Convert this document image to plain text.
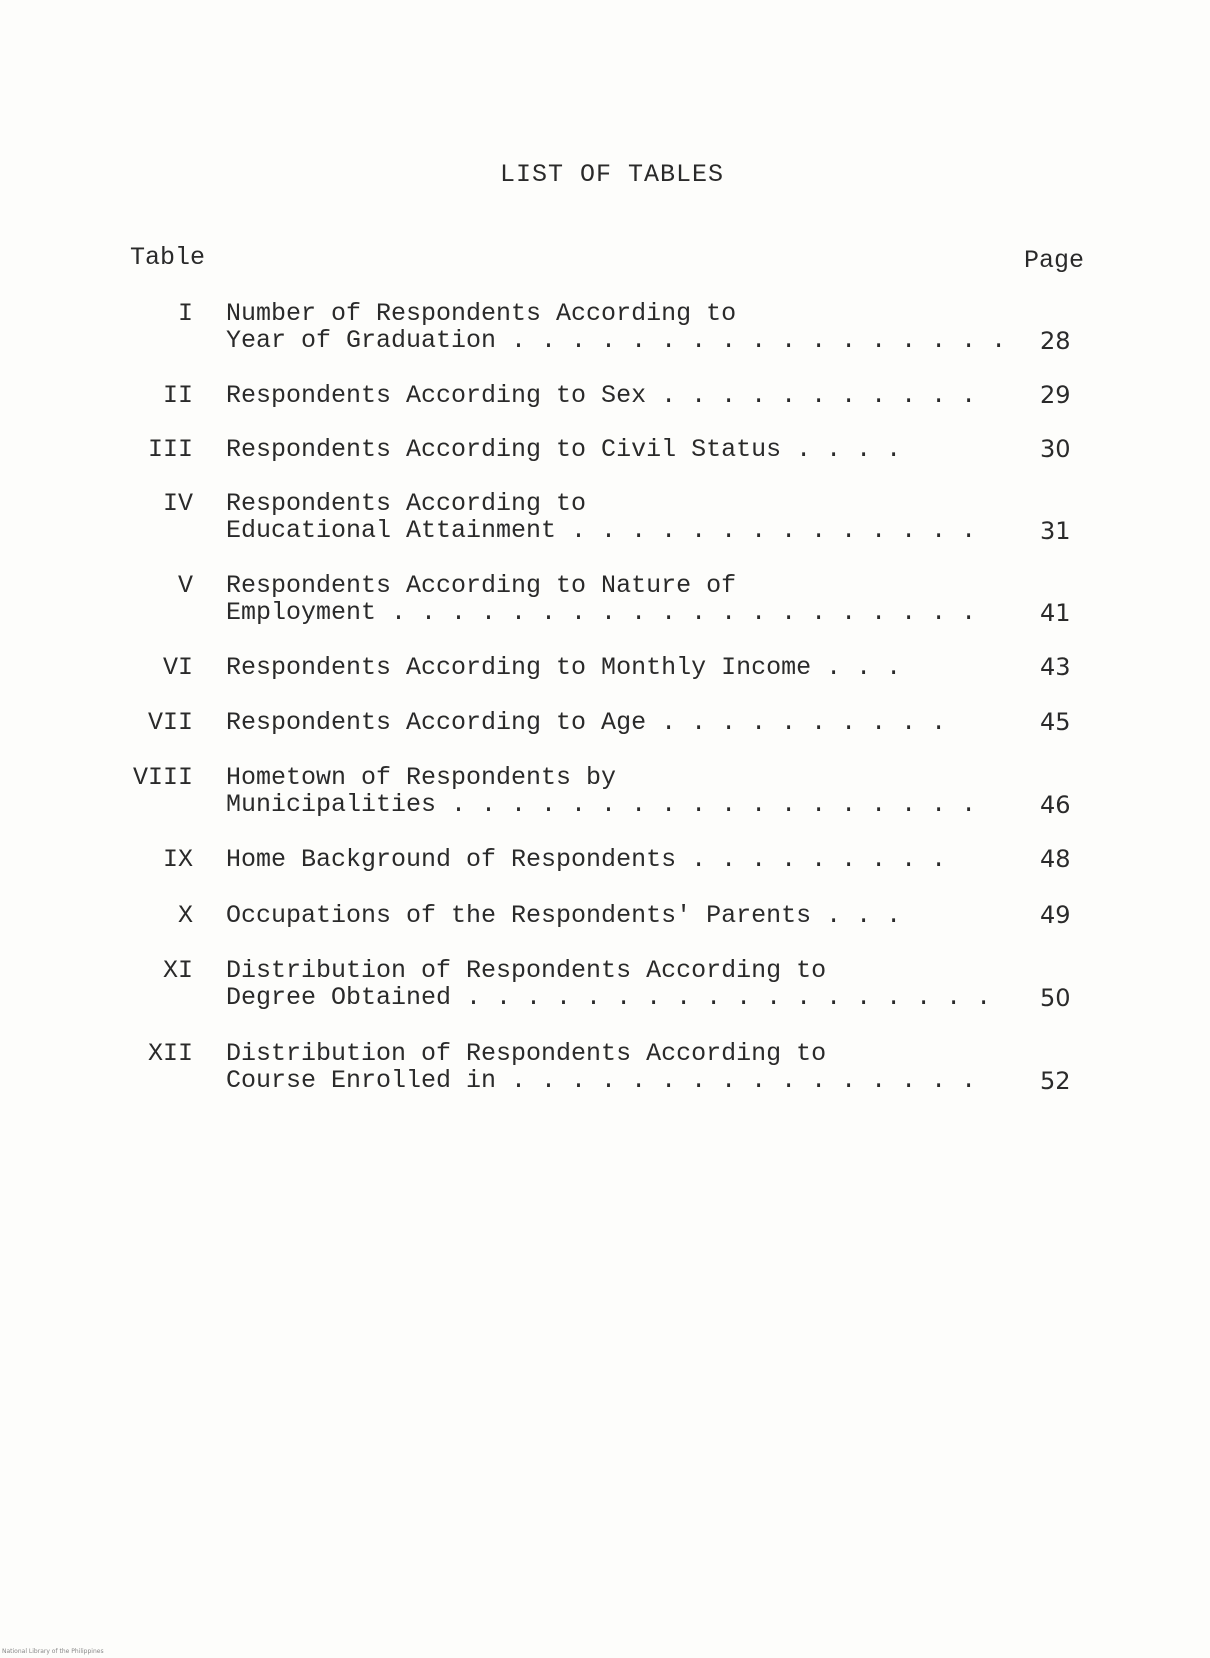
LIST OF TABLES
Table	Page
I Number of Respondents According to
Year of Graduation . . . . . . . . . . . . . . . . . 28
II Respondents According to Sex . . . . . . . . . . .	29
III Respondents According to Civil Status . . . .	30
IV Respondents According to
Educational Attainment . . . . . . . . . . . . . .	31
V Respondents According to Nature of
Employment . . . . . . . . . . . . . . . . . . . .	41
VI Respondents According to Monthly Income . . .	43
VII Respondents According to Age . . . . . . . . . .	45
VIII Hometown of Respondents by
Municipalities . . . . . . . . . . . . . . . . . .	46
IX Home Background of Respondents . . . . . . . . .	48
X Occupations of the Respondents' Parents . . .	49
XI Distribution of Respondents According to
Degree Obtained . . . . . . . . . . . . . . . . . . 50
XII Distribution of Respondents According to
Course Enrolled in . . . . . . . . . . . . . . . .	52
National Library of the Philippines
